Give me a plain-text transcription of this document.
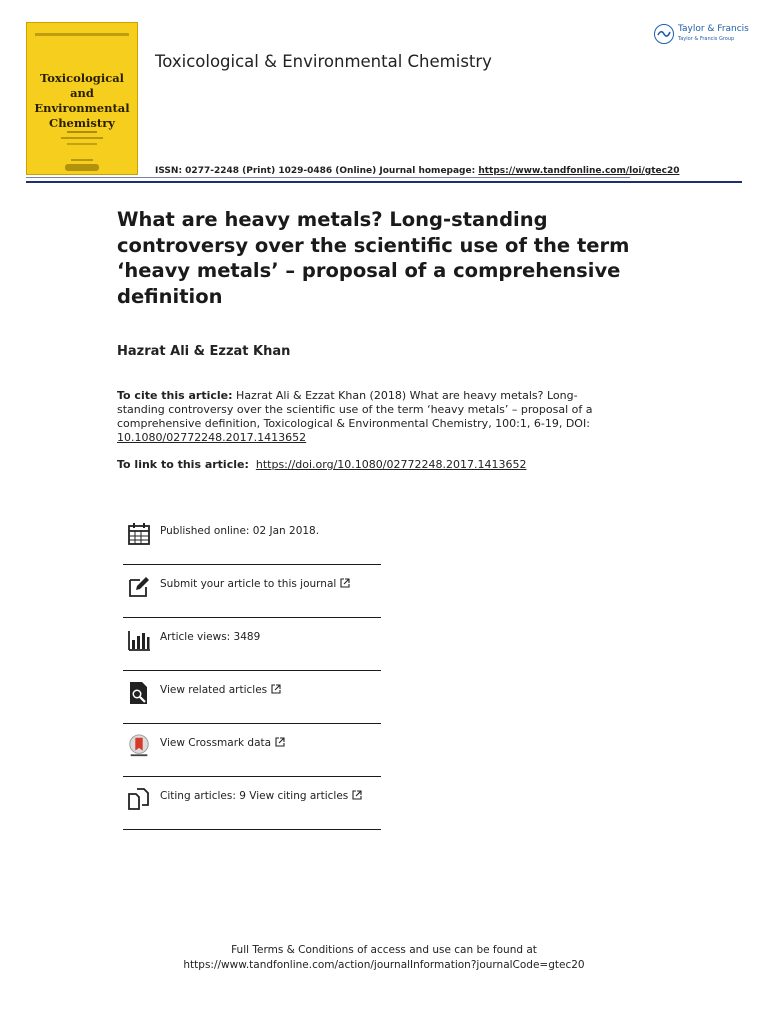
Toxicological and
Environmental
Chemistry
Toxicological & Environmental Chemistry
Taylor & Francis
Taylor & Francis Group
ISSN: 0277-2248 (Print) 1029-0486 (Online) Journal homepage: https://www.tandfonline.com/loi/gtec20
What are heavy metals? Long-standing controversy over the scientific use of the term ‘heavy metals’ – proposal of a comprehensive definition
Hazrat Ali & Ezzat Khan
To cite this article: Hazrat Ali & Ezzat Khan (2018) What are heavy metals? Long-standing controversy over the scientific use of the term ‘heavy metals’ – proposal of a comprehensive definition, Toxicological & Environmental Chemistry, 100:1, 6-19, DOI: 10.1080/02772248.2017.1413652
To link to this article: https://doi.org/10.1080/02772248.2017.1413652
Published online: 02 Jan 2018.
Submit your article to this journal
Article views: 3489
View related articles
View Crossmark data
Citing articles: 9 View citing articles
Full Terms & Conditions of access and use can be found at
https://www.tandfonline.com/action/journalInformation?journalCode=gtec20
